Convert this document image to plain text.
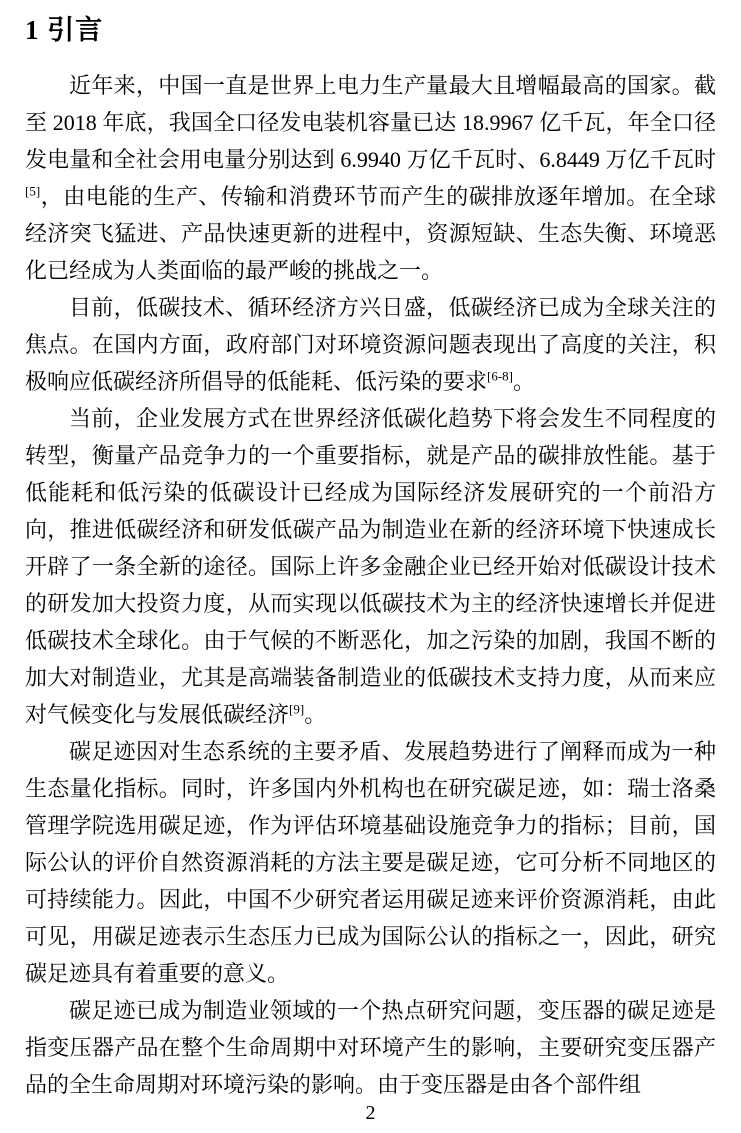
1 引言

近年来，中国一直是世界上电力生产量最大且增幅最高的国家。截至 2018 年底，我国全口径发电装机容量已达 18.9967 亿千瓦，年全口径发电量和全社会用电量分别达到 6.9940 万亿千瓦时、6.8449 万亿千瓦时[5]，由电能的生产、传输和消费环节而产生的碳排放逐年增加。在全球经济突飞猛进、产品快速更新的进程中，资源短缺、生态失衡、环境恶化已经成为人类面临的最严峻的挑战之一。

目前，低碳技术、循环经济方兴日盛，低碳经济已成为全球关注的焦点。在国内方面，政府部门对环境资源问题表现出了高度的关注，积极响应低碳经济所倡导的低能耗、低污染的要求[6-8]。

当前，企业发展方式在世界经济低碳化趋势下将会发生不同程度的转型，衡量产品竞争力的一个重要指标，就是产品的碳排放性能。基于低能耗和低污染的低碳设计已经成为国际经济发展研究的一个前沿方向，推进低碳经济和研发低碳产品为制造业在新的经济环境下快速成长开辟了一条全新的途径。国际上许多金融企业已经开始对低碳设计技术的研发加大投资力度，从而实现以低碳技术为主的经济快速增长并促进低碳技术全球化。由于气候的不断恶化，加之污染的加剧，我国不断的加大对制造业，尤其是高端装备制造业的低碳技术支持力度，从而来应对气候变化与发展低碳经济[9]。

碳足迹因对生态系统的主要矛盾、发展趋势进行了阐释而成为一种生态量化指标。同时，许多国内外机构也在研究碳足迹，如：瑞士洛桑管理学院选用碳足迹，作为评估环境基础设施竞争力的指标；目前，国际公认的评价自然资源消耗的方法主要是碳足迹，它可分析不同地区的可持续能力。因此，中国不少研究者运用碳足迹来评价资源消耗，由此可见，用碳足迹表示生态压力已成为国际公认的指标之一，因此，研究碳足迹具有着重要的意义。

碳足迹已成为制造业领域的一个热点研究问题，变压器的碳足迹是指变压器产品在整个生命周期中对环境产生的影响，主要研究变压器产品的全生命周期对环境污染的影响。由于变压器是由各个部件组

2
